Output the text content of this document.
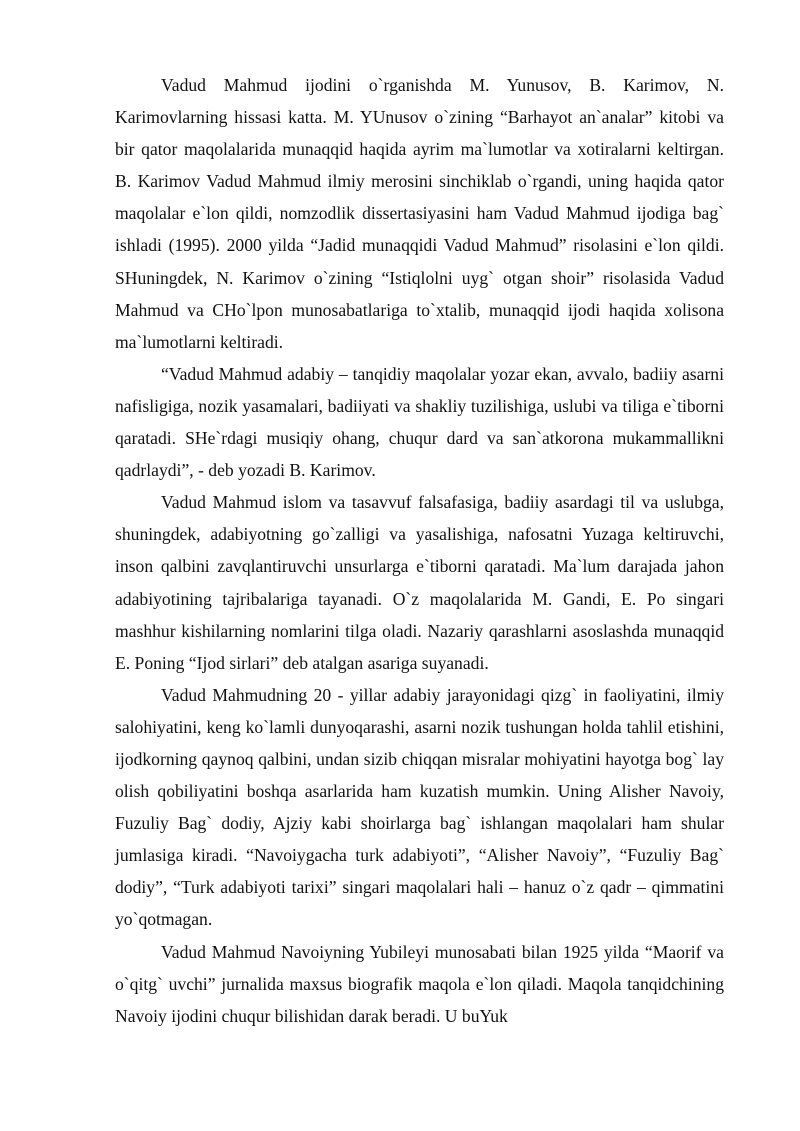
Vadud Mahmud ijodini o`rganishda M. Yunusov, B. Karimov, N. Karimovlarning hissasi katta. M. YUnusov o`zining “Barhayot an`analar” kitobi va bir qator maqolalarida munaqqid haqida ayrim ma`lumotlar va xotiralarni keltirgan. B. Karimov Vadud Mahmud ilmiy merosini sinchiklab o`rgandi, uning haqida qator maqolalar e`lon qildi, nomzodlik dissertasiyasini ham Vadud Mahmud ijodiga bag` ishladi (1995). 2000 yilda “Jadid munaqqidi Vadud Mahmud” risolasini e`lon qildi. SHuningdek, N. Karimov o`zining “Istiqlolni uyg` otgan shoir” risolasida Vadud Mahmud va CHo`lpon munosabatlariga to`xtalib, munaqqid ijodi haqida xolisona ma`lumotlarni keltiradi.

“Vadud Mahmud adabiy – tanqidiy maqolalar yozar ekan, avvalo, badiiy asarni nafisligiga, nozik yasamalari, badiiyati va shakliy tuzilishiga, uslubi va tiliga e`tiborni qaratadi. SHe`rdagi musiqiy ohang, chuqur dard va san`atkorona mukammallikni qadrlaydi”, - deb yozadi B. Karimov.

Vadud Mahmud islom va tasavvuf falsafasiga, badiiy asardagi til va uslubga, shuningdek, adabiyotning go`zalligi va yasalishiga, nafosatni Yuzaga keltiruvchi, inson qalbini zavqlantiruvchi unsurlarga e`tiborni qaratadi. Ma`lum darajada jahon adabiyotining tajribalariga tayanadi. O`z maqolalarida M. Gandi, E. Po singari mashhur kishilarning nomlarini tilga oladi. Nazariy qarashlarni asoslashda munaqqid E. Poning “Ijod sirlari” deb atalgan asariga suyanadi.

Vadud Mahmudning 20 - yillar adabiy jarayonidagi qizg` in faoliyatini, ilmiy salohiyatini, keng ko`lamli dunyoqarashi, asarni nozik tushungan holda tahlil etishini, ijodkorning qaynoq qalbini, undan sizib chiqqan misralar mohiyatini hayotga bog` lay olish qobiliyatini boshqa asarlarida ham kuzatish mumkin. Uning Alisher Navoiy, Fuzuliy Bag` dodiy, Ajziy kabi shoirlarga bag` ishlangan maqolalari ham shular jumlasiga kiradi. “Navoiygacha turk adabiyoti”, “Alisher Navoiy”, “Fuzuliy Bag` dodiy”, “Turk adabiyoti tarixi” singari maqolalari hali – hanuz o`z qadr – qimmatini yo`qotmagan.

Vadud Mahmud Navoiyning Yubileyi munosabati bilan 1925 yilda “Maorif va o`qitg` uvchi” jurnalida maxsus biografik maqola e`lon qiladi. Maqola tanqidchining Navoiy ijodini chuqur bilishidan darak beradi. U buYuk
